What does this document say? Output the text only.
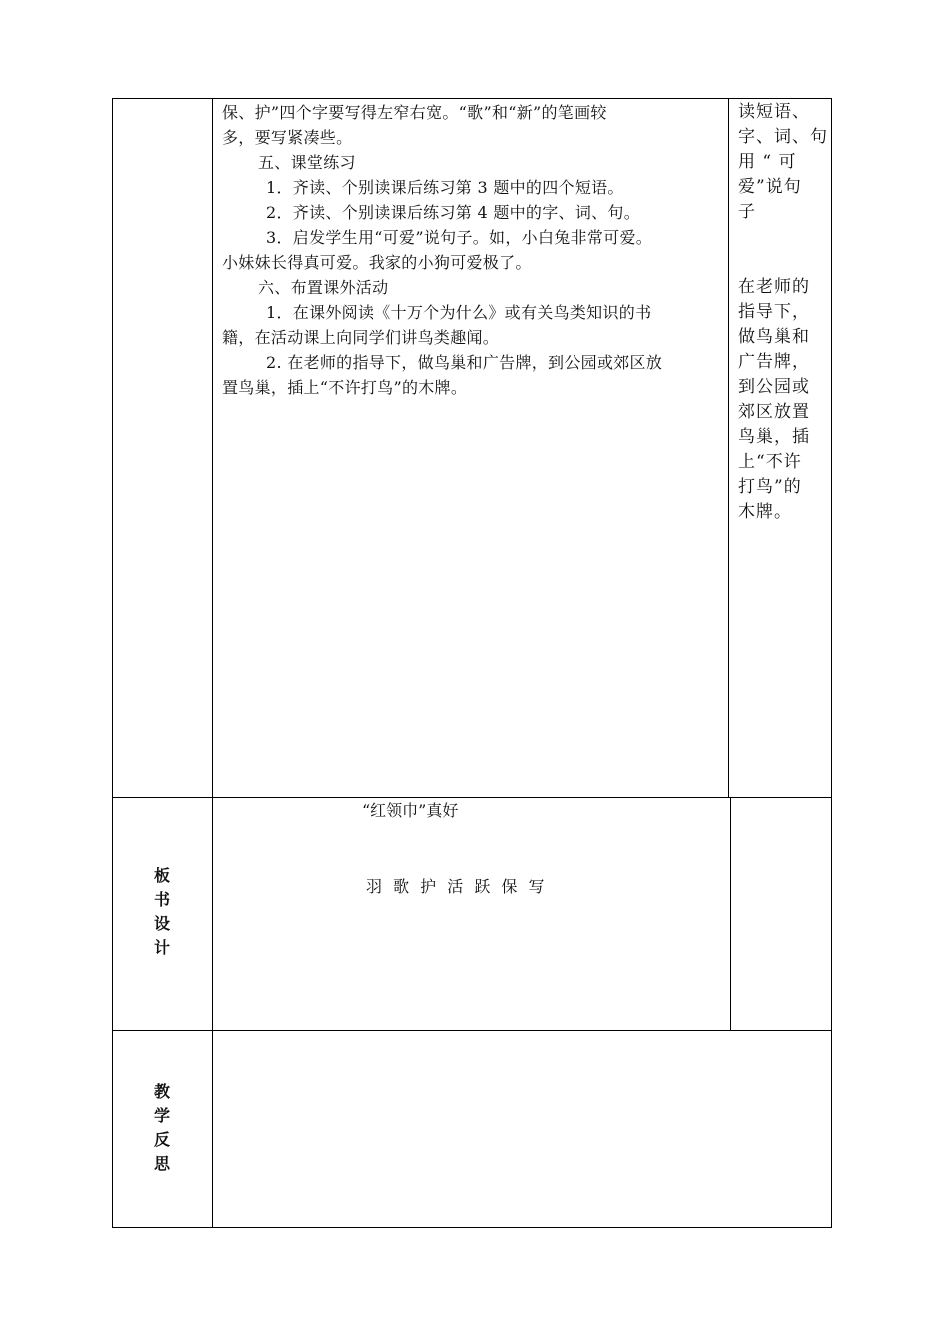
保、护”四个字要写得左窄右宽。“歌”和“新”的笔画较

多，要写紧凑些。

五、课堂练习

1．齐读、个别读课后练习第 3 题中的四个短语。

2．齐读、个别读课后练习第 4 题中的字、词、句。

3．启发学生用“可爱”说句子。如，小白兔非常可爱。

小妹妹长得真可爱。我家的小狗可爱极了。

六、布置课外活动

1．在课外阅读《十万个为什么》或有关鸟类知识的书

籍，在活动课上向同学们讲鸟类趣闻。

2. 在老师的指导下，做鸟巢和广告牌，到公园或郊区放

置鸟巢，插上“不许打鸟”的木牌。

读短语、

字、词、句

用 “ 可

爱”说句

子

在老师的

指导下，

做鸟巢和

广告牌，

到公园或

郊区放置

鸟巢，插

上“不许

打鸟”的

木牌。

板
书
设
计
“红领巾”真好
羽 歌 护 活 跃 保 写
教
学
反
思
